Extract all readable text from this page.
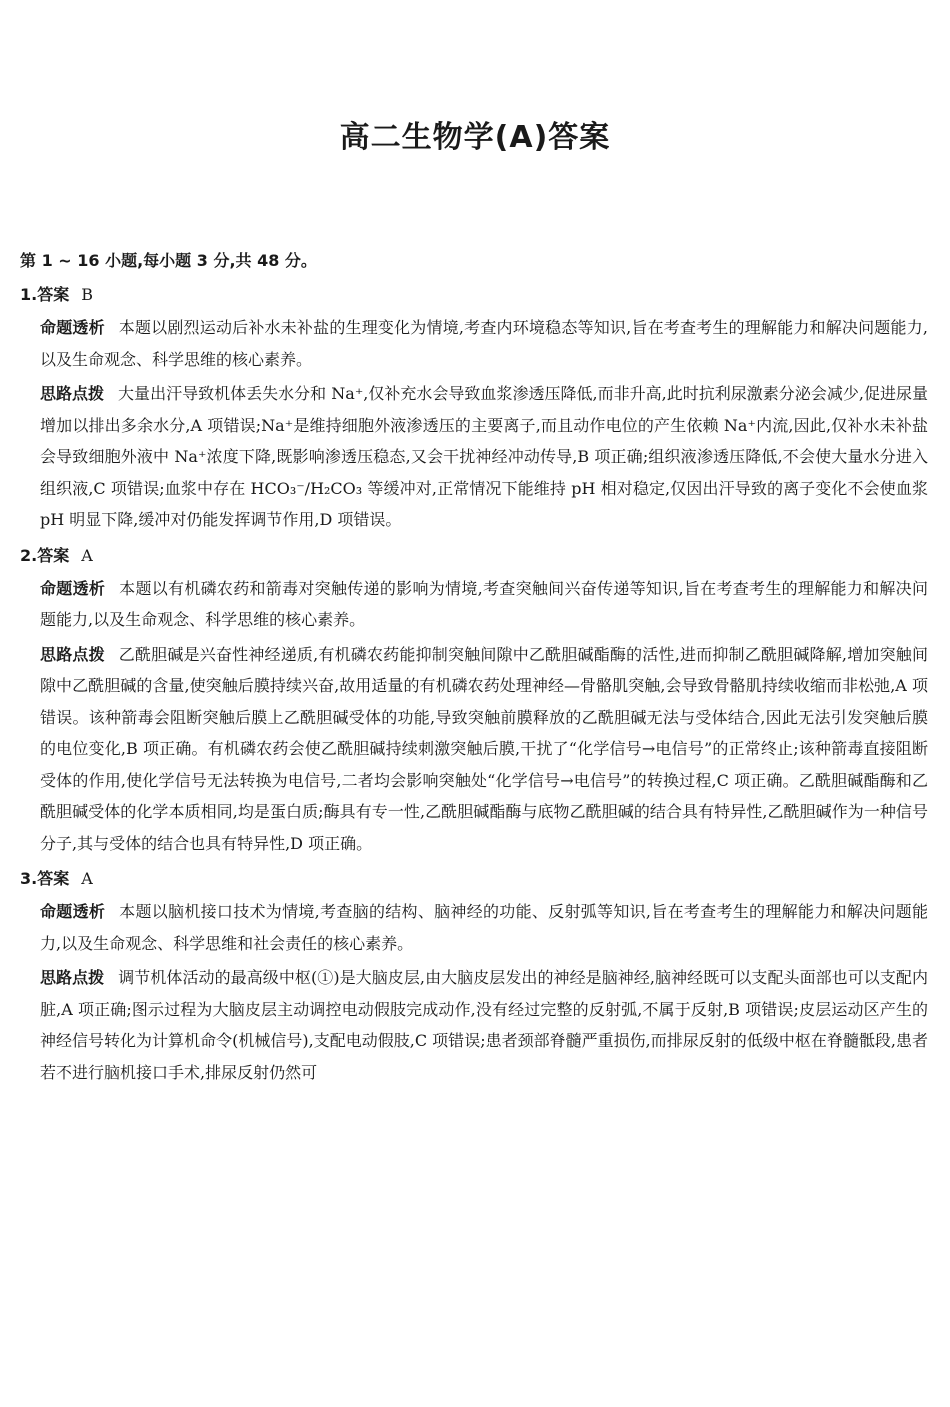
高二生物学(A)答案
第 1 ~ 16 小题,每小题 3 分,共 48 分。
1.答案 B
命题透析 本题以剧烈运动后补水未补盐的生理变化为情境,考查内环境稳态等知识,旨在考查考生的理解能力和解决问题能力,以及生命观念、科学思维的核心素养。
思路点拨 大量出汗导致机体丢失水分和 Na⁺,仅补充水会导致血浆渗透压降低,而非升高,此时抗利尿激素分泌会减少,促进尿量增加以排出多余水分,A 项错误;Na⁺是维持细胞外液渗透压的主要离子,而且动作电位的产生依赖 Na⁺内流,因此,仅补水未补盐会导致细胞外液中 Na⁺浓度下降,既影响渗透压稳态,又会干扰神经冲动传导,B 项正确;组织液渗透压降低,不会使大量水分进入组织液,C 项错误;血浆中存在 HCO₃⁻/H₂CO₃ 等缓冲对,正常情况下能维持 pH 相对稳定,仅因出汗导致的离子变化不会使血浆 pH 明显下降,缓冲对仍能发挥调节作用,D 项错误。
2.答案 A
命题透析 本题以有机磷农药和箭毒对突触传递的影响为情境,考查突触间兴奋传递等知识,旨在考查考生的理解能力和解决问题能力,以及生命观念、科学思维的核心素养。
思路点拨 乙酰胆碱是兴奋性神经递质,有机磷农药能抑制突触间隙中乙酰胆碱酯酶的活性,进而抑制乙酰胆碱降解,增加突触间隙中乙酰胆碱的含量,使突触后膜持续兴奋,故用适量的有机磷农药处理神经—骨骼肌突触,会导致骨骼肌持续收缩而非松弛,A 项错误。该种箭毒会阻断突触后膜上乙酰胆碱受体的功能,导致突触前膜释放的乙酰胆碱无法与受体结合,因此无法引发突触后膜的电位变化,B 项正确。有机磷农药会使乙酰胆碱持续刺激突触后膜,干扰了“化学信号→电信号”的正常终止;该种箭毒直接阻断受体的作用,使化学信号无法转换为电信号,二者均会影响突触处“化学信号→电信号”的转换过程,C 项正确。乙酰胆碱酯酶和乙酰胆碱受体的化学本质相同,均是蛋白质;酶具有专一性,乙酰胆碱酯酶与底物乙酰胆碱的结合具有特异性,乙酰胆碱作为一种信号分子,其与受体的结合也具有特异性,D 项正确。
3.答案 A
命题透析 本题以脑机接口技术为情境,考查脑的结构、脑神经的功能、反射弧等知识,旨在考查考生的理解能力和解决问题能力,以及生命观念、科学思维和社会责任的核心素养。
思路点拨 调节机体活动的最高级中枢(①)是大脑皮层,由大脑皮层发出的神经是脑神经,脑神经既可以支配头面部也可以支配内脏,A 项正确;图示过程为大脑皮层主动调控电动假肢完成动作,没有经过完整的反射弧,不属于反射,B 项错误;皮层运动区产生的神经信号转化为计算机命令(机械信号),支配电动假肢,C 项错误;患者颈部脊髓严重损伤,而排尿反射的低级中枢在脊髓骶段,患者若不进行脑机接口手术,排尿反射仍然可
